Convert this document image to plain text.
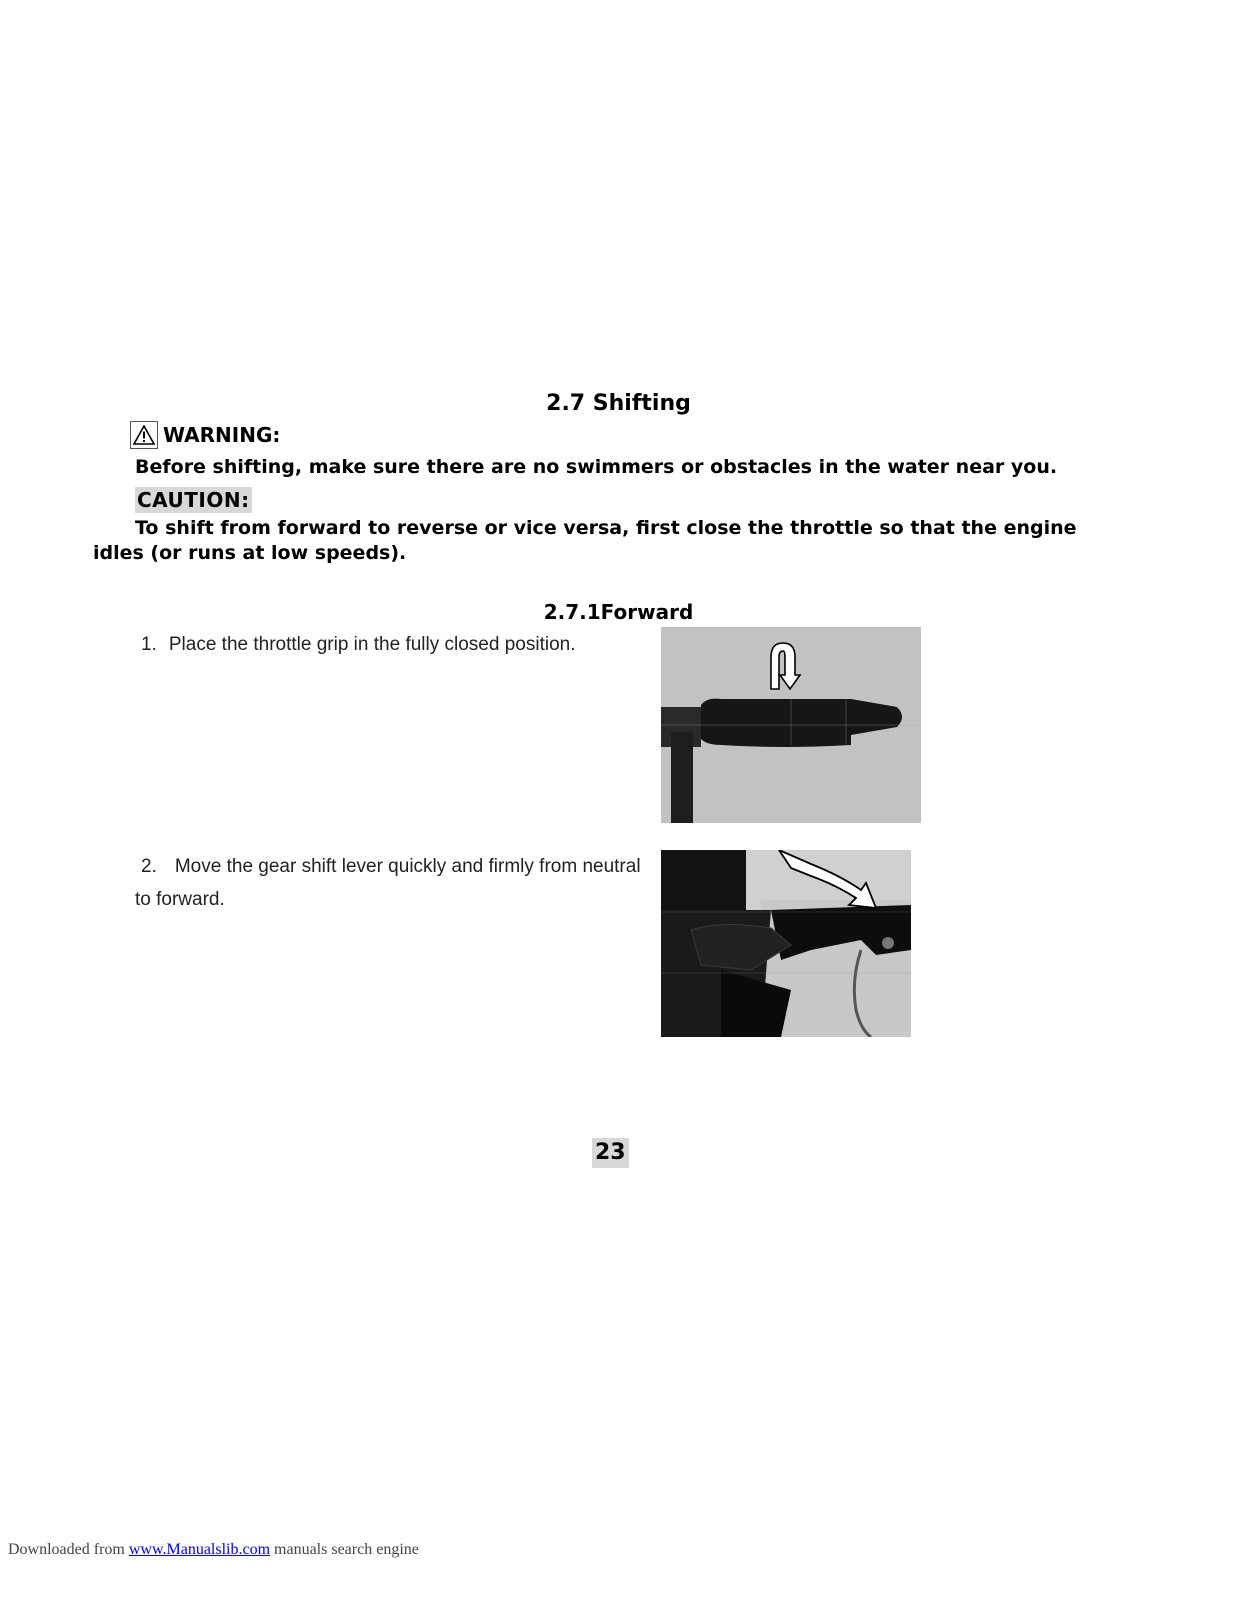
2.7 Shifting
WARNING:
Before shifting, make sure there are no swimmers or obstacles in the water near you.
CAUTION:
To shift from forward to reverse or vice versa, first close the throttle so that the engine idles (or runs at low speeds).
2.7.1Forward
1. Place the throttle grip in the fully closed position.
2. Move the gear shift lever quickly and firmly from neutral to forward.
23
Downloaded from www.Manualslib.com manuals search engine
